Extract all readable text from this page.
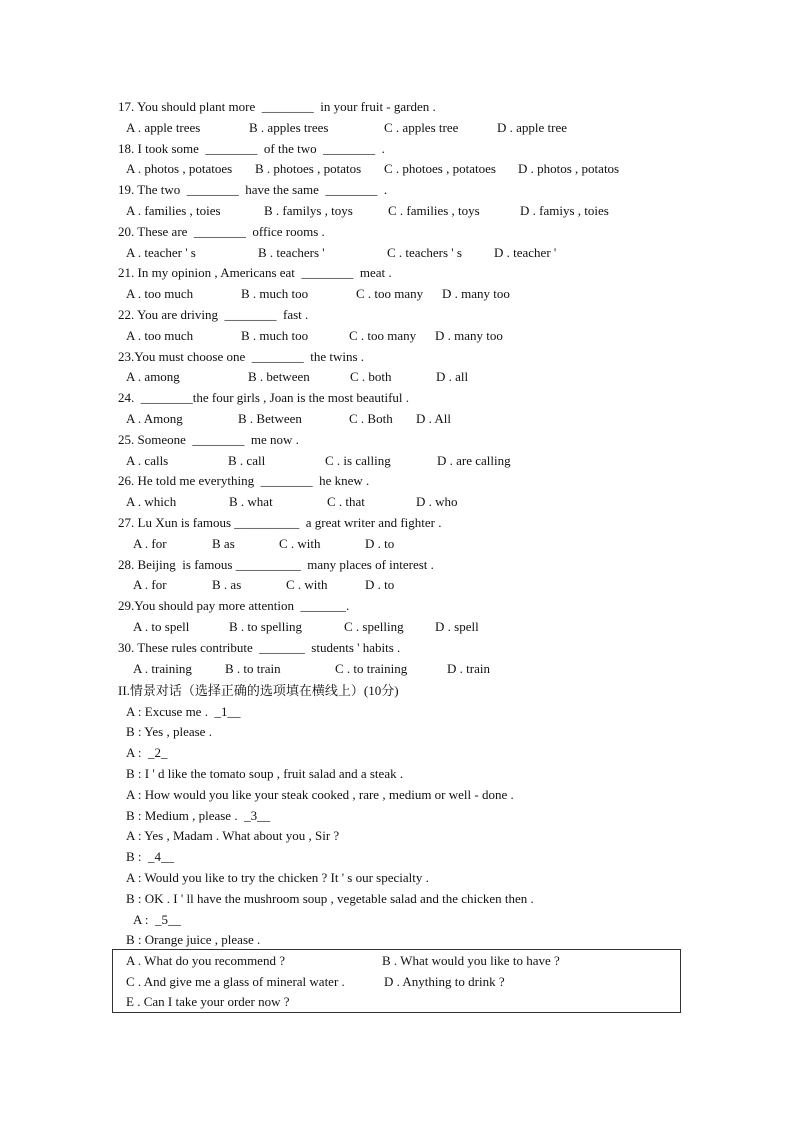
17. You should plant more  ________  in your fruit - garden .
A . apple trees	B . apples trees	C . apples tree	D . apple tree
18. I took some  ________  of the two  ________  .
A . photos , potatoes B . photoes , potatos C . photoes , potatoes D . photos , potatos
19. The two  ________  have the same  ________  .
A . families , toies	B . familys , toys	C . families , toys	D . famiys , toies
20. These are  ________  office rooms .
A . teacher ' s	B . teachers '	C . teachers ' s D . teacher '
21. In my opinion , Americans eat  ________  meat .
A . too much	B . much too	C . too many D . many too
22. You are driving  ________  fast .
A . too much	B . much too	C . too many D . many too
23.You must choose one  ________  the twins .
A . among	B . between	C . both	D . all
24.  ________the four girls , Joan is the most beautiful .
A . Among	B . Between	C . Both D . All
25. Someone  ________  me now .
A . calls	B . call	C . is calling	D . are calling
26. He told me everything  ________  he knew .
A . which	B . what	C . that	D . who
27. Lu Xun is famous __________  a great writer and fighter .
A . for	B as	C . with	D . to
28. Beijing  is famous __________  many places of interest .
A . for	B . as	C . with	D . to
29.You should pay more attention  _______.
A . to spell	B . to spelling	C . spelling D . spell
30. These rules contribute  _______  students ' habits .
A . training	B . to train	C . to training	D . train
II.情景对话（选择正确的选项填在横线上）(10分)
A : Excuse me .  _1__
B : Yes , please .
A :  _2_
B : I ' d like the tomato soup , fruit salad and a steak .
A : How would you like your steak cooked , rare , medium or well - done .
B : Medium , please .  _3__
A : Yes , Madam . What about you , Sir ?
B :  _4__
A : Would you like to try the chicken ? It ' s our specialty .
B : OK . I ' ll have the mushroom soup , vegetable salad and the chicken then .
A :  _5__
B : Orange juice , please .
A . What do you recommend ?	B . What would you like to have ?
C . And give me a glass of mineral water .	D . Anything to drink ?
E . Can I take your order now ?
